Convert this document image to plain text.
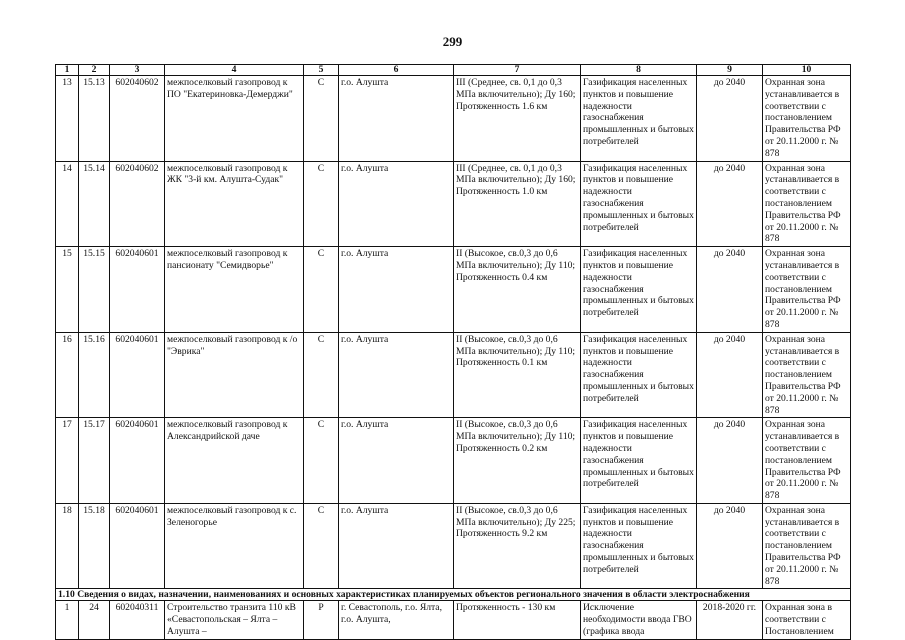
299
1	2	3	4	5	6	7	8	9	10
13	15.13	602040602	межпоселковый газопровод к ПО "Екатериновка-Демерджи"	С	г.о. Алушта	III (Среднее, св. 0,1 до 0,3 МПа включительно); Ду 160; Протяженность 1.6 км	Газификация населенных пунктов и повышение надежности газоснабжения промышленных и бытовых потребителей	до 2040	Охранная зона устанавливается в соответствии с постановлением Правительства РФ от 20.11.2000 г. № 878
14	15.14	602040602	межпоселковый газопровод к ЖК "3-й км. Алушта-Судак"	С	г.о. Алушта	III (Среднее, св. 0,1 до 0,3 МПа включительно); Ду 160; Протяженность 1.0 км	Газификация населенных пунктов и повышение надежности газоснабжения промышленных и бытовых потребителей	до 2040	Охранная зона устанавливается в соответствии с постановлением Правительства РФ от 20.11.2000 г. № 878
15	15.15	602040601	межпоселковый газопровод к пансионату "Семидворье"	С	г.о. Алушта	II (Высокое, св.0,3 до 0,6 МПа включительно); Ду 110; Протяженность 0.4 км	Газификация населенных пунктов и повышение надежности газоснабжения промышленных и бытовых потребителей	до 2040	Охранная зона устанавливается в соответствии с постановлением Правительства РФ от 20.11.2000 г. № 878
16	15.16	602040601	межпоселковый газопровод к /о "Эврика"	С	г.о. Алушта	II (Высокое, св.0,3 до 0,6 МПа включительно); Ду 110; Протяженность 0.1 км	Газификация населенных пунктов и повышение надежности газоснабжения промышленных и бытовых потребителей	до 2040	Охранная зона устанавливается в соответствии с постановлением Правительства РФ от 20.11.2000 г. № 878
17	15.17	602040601	межпоселковый газопровод к Александрийской даче	С	г.о. Алушта	II (Высокое, св.0,3 до 0,6 МПа включительно); Ду 110; Протяженность 0.2 км	Газификация населенных пунктов и повышение надежности газоснабжения промышленных и бытовых потребителей	до 2040	Охранная зона устанавливается в соответствии с постановлением Правительства РФ от 20.11.2000 г. № 878
18	15.18	602040601	межпоселковый газопровод к с. Зеленогорье	С	г.о. Алушта	II (Высокое, св.0,3 до 0,6 МПа включительно); Ду 225; Протяженность 9.2 км	Газификация населенных пунктов и повышение надежности газоснабжения промышленных и бытовых потребителей	до 2040	Охранная зона устанавливается в соответствии с постановлением Правительства РФ от 20.11.2000 г. № 878
1.10 Сведения о видах, назначении, наименованиях и основных характеристиках планируемых объектов регионального значения в области электроснабжения									
1	24	602040311	Строительство транзита 110 кВ «Севастопольская – Ялта – Алушта –	Р	г. Севастополь, г.о. Ялта, г.о. Алушта,	Протяженность - 130 км	Исключение необходимости ввода ГВО (графика ввода	2018-2020 гг.	Охранная зона в соответствии с Постановлением
